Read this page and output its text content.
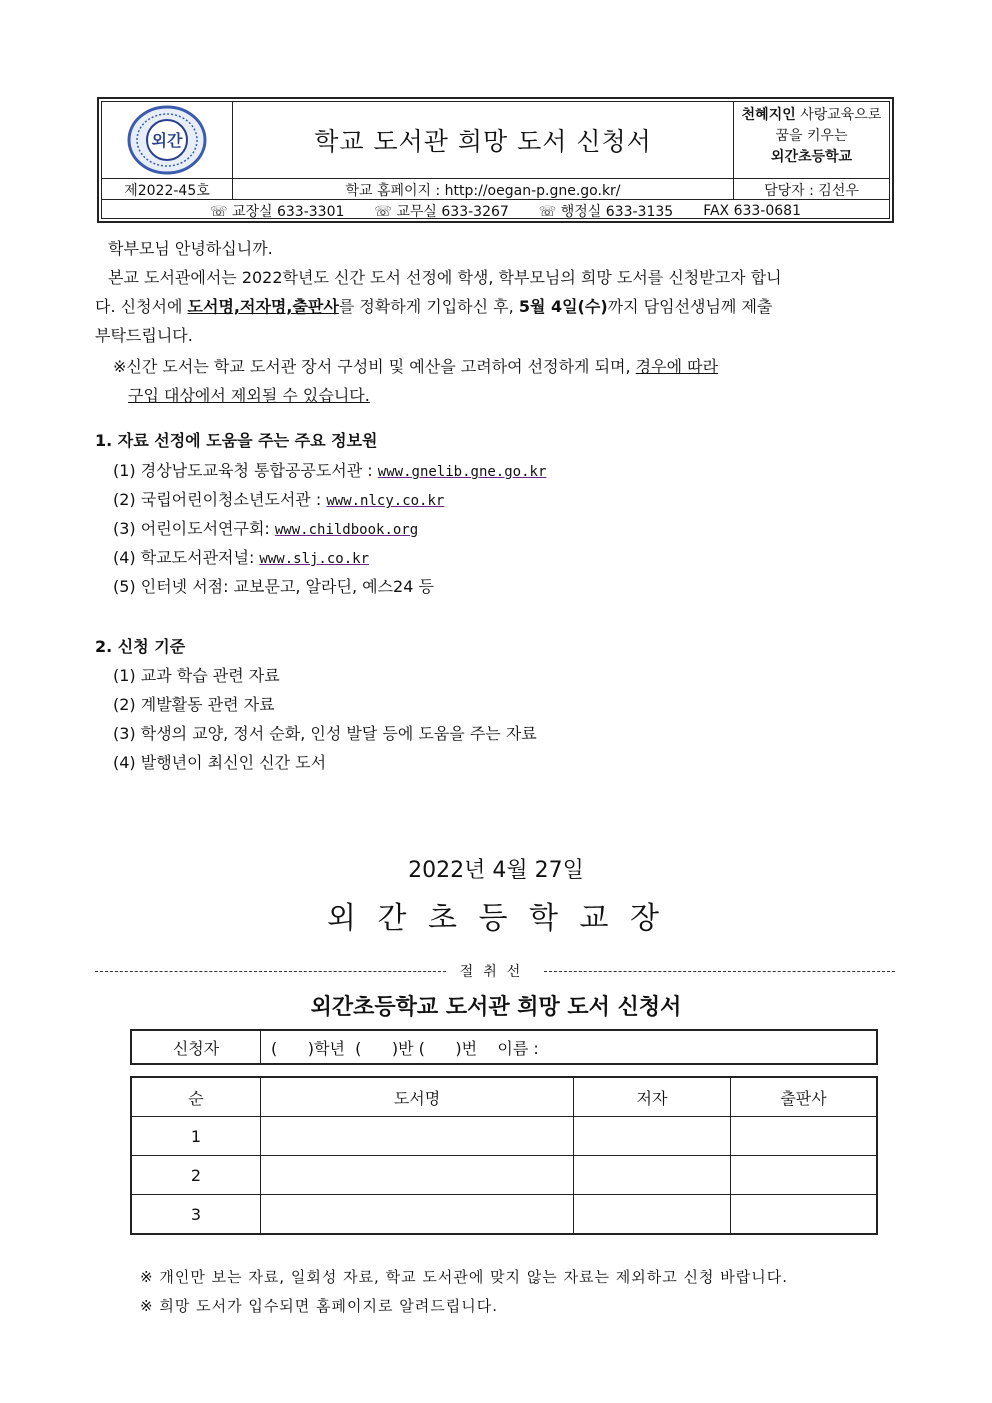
외간	학교 도서관 희망 도서 신청서
천혜지인 사랑교육으로
꿈을 키우는
외간초등학교
제2022-45호	학교 홈페이지 : http://oegan-p.gne.go.kr/	담당자 : 김선우
☏ 교장실 633-3301 ☏ 교무실 633-3267 ☏ 행정실 633-3135 FAX 633-0681
학부모님 안녕하십니까.
본교 도서관에서는 2022학년도 신간 도서 선정에 학생, 학부모님의 희망 도서를 신청받고자 합니
다. 신청서에 도서명,저자명,출판사를 정확하게 기입하신 후, 5월 4일(수)까지 담임선생님께 제출
부탁드립니다.
※신간 도서는 학교 도서관 장서 구성비 및 예산을 고려하여 선정하게 되며, 경우에 따라
구입 대상에서 제외될 수 있습니다.
1. 자료 선정에 도움을 주는 주요 정보원
(1) 경상남도교육청 통합공공도서관 : www.gnelib.gne.go.kr
(2) 국립어린이청소년도서관 : www.nlcy.co.kr
(3) 어린이도서연구회: www.childbook.org
(4) 학교도서관저널: www.slj.co.kr
(5) 인터넷 서점: 교보문고, 알라딘, 예스24 등
2. 신청 기준
(1) 교과 학습 관련 자료
(2) 계발활동 관련 자료
(3) 학생의 교양, 정서 순화, 인성 발달 등에 도움을 주는 자료
(4) 발행년이 최신인 신간 도서
2022년 4월 27일
외 간 초 등 학 교 장
절취선
외간초등학교 도서관 희망 도서 신청서
신청자	(      )학년  (      )반 (      )번    이름 :
순	도서명	저자	출판사
1			
2			
3			
※ 개인만 보는 자료, 일회성 자료, 학교 도서관에 맞지 않는 자료는 제외하고 신청 바랍니다.
※ 희망 도서가 입수되면 홈페이지로 알려드립니다.
